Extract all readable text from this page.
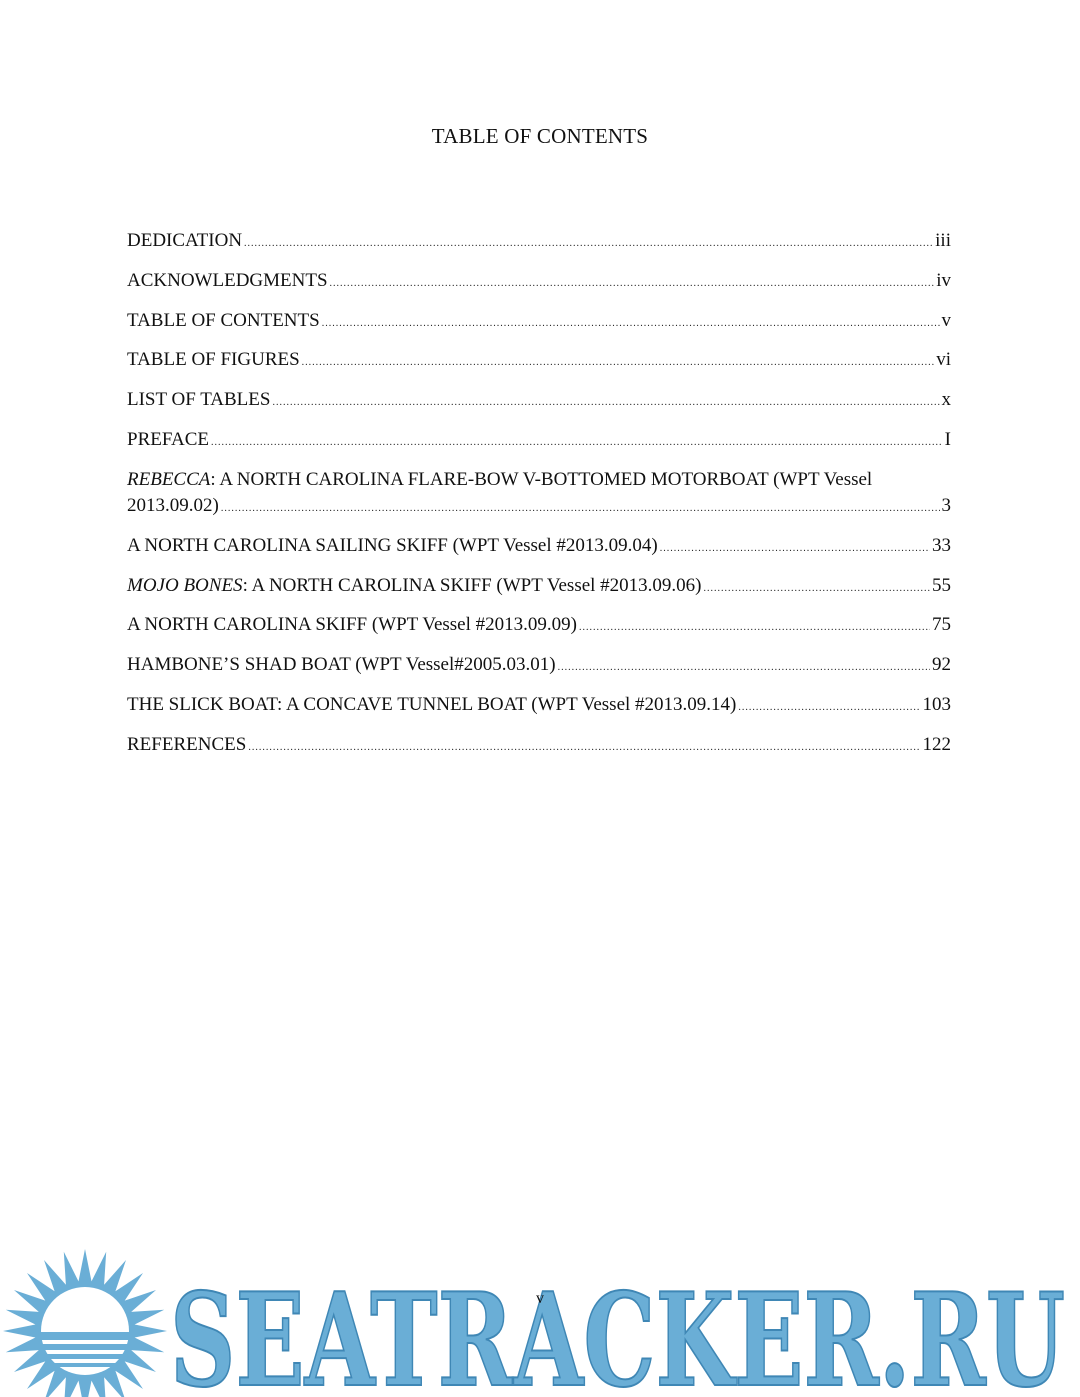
TABLE OF CONTENTS
DEDICATION .....	iii
ACKNOWLEDGMENTS .....	iv
TABLE OF CONTENTS .....	v
TABLE OF FIGURES .....	vi
LIST OF TABLES .....	x
PREFACE .....	I
REBECCA: A NORTH CAROLINA FLARE-BOW V-BOTTOMED MOTORBOAT (WPT Vessel
2013.09.02) .....	3
A NORTH CAROLINA SAILING SKIFF (WPT Vessel #2013.09.04) .....	33
MOJO BONES: A NORTH CAROLINA SKIFF (WPT Vessel #2013.09.06) .....	55
A NORTH CAROLINA SKIFF (WPT Vessel #2013.09.09) .....	75
HAMBONE’S SHAD BOAT (WPT Vessel#2005.03.01) .....	92
THE SLICK BOAT: A CONCAVE TUNNEL BOAT (WPT Vessel #2013.09.14) .....	103
REFERENCES .....	122
SEATRACKER.RU
v
